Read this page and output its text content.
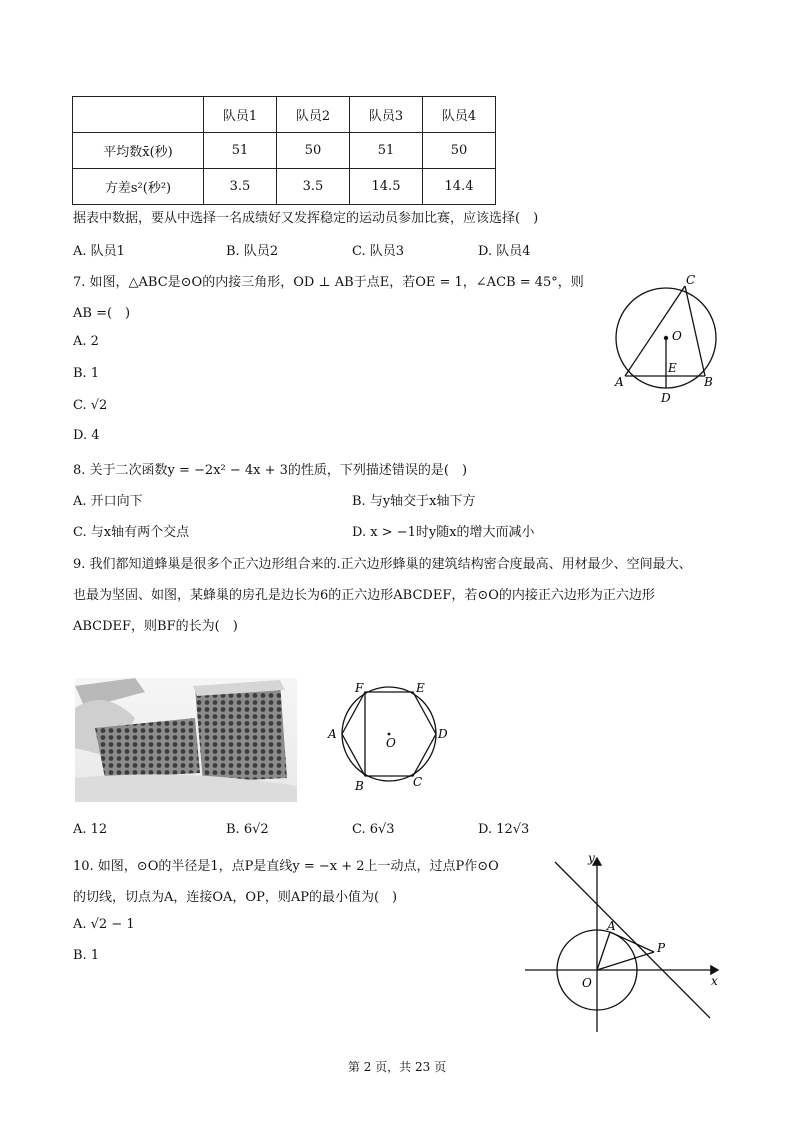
	队员1	队员2	队员3	队员4
平均数x̄(秒)	51	50	51	50
方差s²(秒²)	3.5	3.5	14.5	14.4
据表中数据，要从中选择一名成绩好又发挥稳定的运动员参加比赛，应该选择(　)
A. 队员1	B. 队员2	C. 队员3	D. 队员4
7. 如图，△ABC是⊙O的内接三角形，OD ⊥ AB于点E，若OE = 1，∠ACB = 45°，则
AB =(　)
A. 2
B. 1
C. √2
D. 4
C
O
E
A	B
D
8. 关于二次函数y = −2x² − 4x + 3的性质，下列描述错误的是(　)
A. 开口向下	B. 与y轴交于x轴下方
C. 与x轴有两个交点	D. x > −1时y随x的增大而减小
9. 我们都知道蜂巢是很多个正六边形组合来的.正六边形蜂巢的建筑结构密合度最高、用材最少、空间最大、
也最为坚固、如图，某蜂巢的房孔是边长为6的正六边形ABCDEF，若⊙O的内接正六边形为正六边形
ABCDEF，则BF的长为(　)
F	E
A	D
O
B	C
A. 12	B. 6√2	C. 6√3	D. 12√3
10. 如图，⊙O的半径是1，点P是直线y = −x + 2上一动点，过点P作⊙O
的切线，切点为A，连接OA，OP，则AP的最小值为(　)
A. √2 − 1
B. 1
y
x
O
A
P
第 2 页，共 23 页
